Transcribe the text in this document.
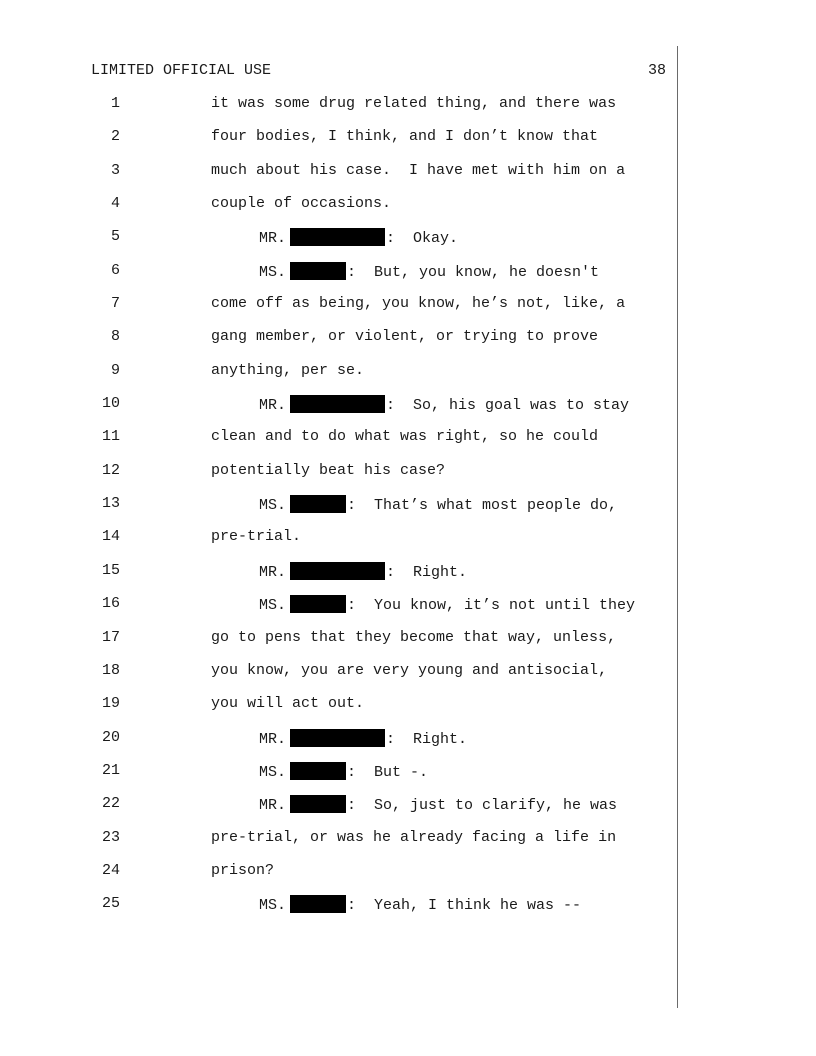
LIMITED OFFICIAL USE	38
1	it was some drug related thing, and there was
2	four bodies, I think, and I don’t know that
3	much about his case.  I have met with him on a
4	couple of occasions.
5	MR.	:  Okay.
6	MS.	:  But, you know, he doesn't
7	come off as being, you know, he’s not, like, a
8	gang member, or violent, or trying to prove
9	anything, per se.
10	MR.	:  So, his goal was to stay
11	clean and to do what was right, so he could
12	potentially beat his case?
13	MS.	:  That’s what most people do,
14	pre-trial.
15	MR.	:  Right.
16	MS.	:  You know, it’s not until they
17	go to pens that they become that way, unless,
18	you know, you are very young and antisocial,
19	you will act out.
20	MR.	:  Right.
21	MS.	:  But -.
22	MR.	:  So, just to clarify, he was
23	pre-trial, or was he already facing a life in
24	prison?
25	MS.	:  Yeah, I think he was --
